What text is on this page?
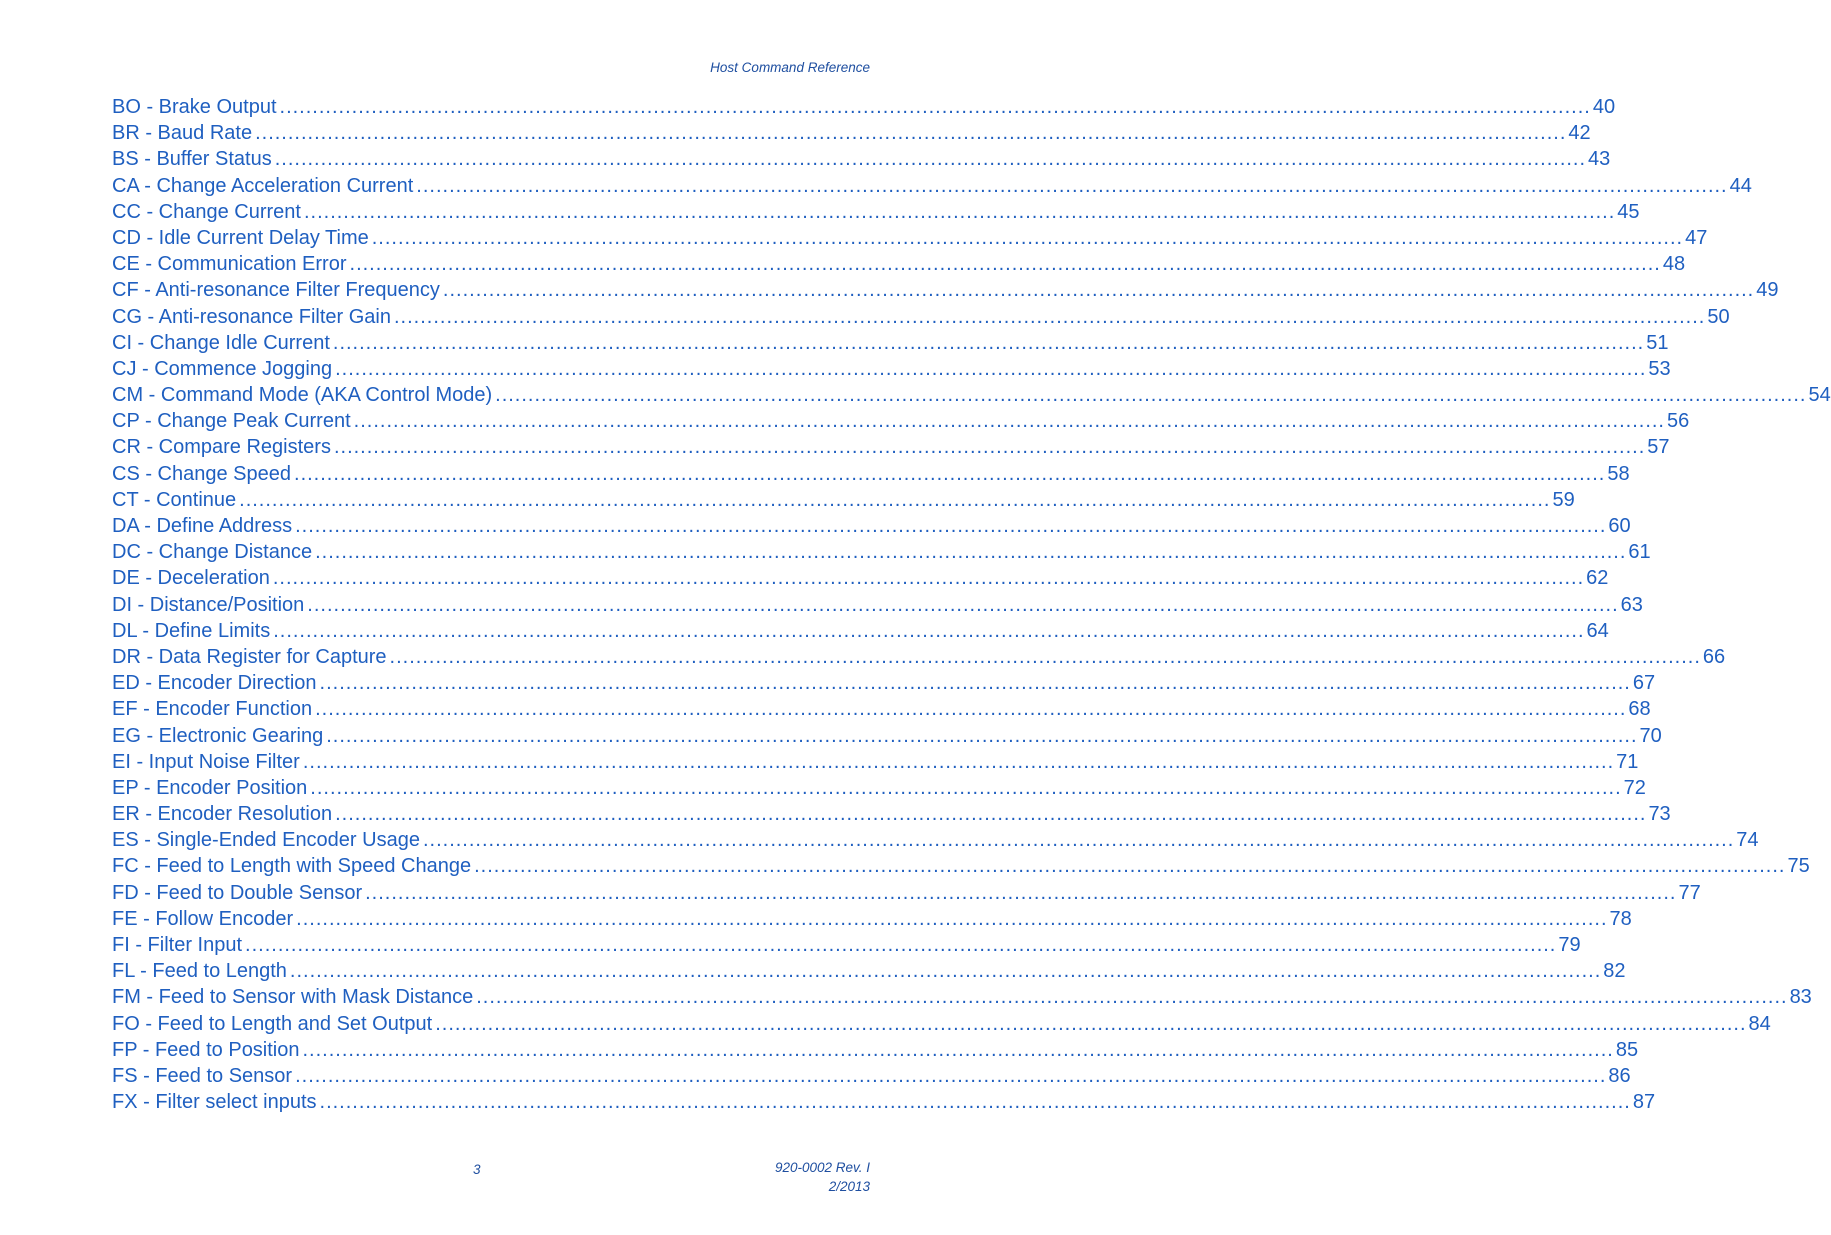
Host Command Reference
BO - Brake Output ........................................................................................................................................................................................................ 40
BR - Baud Rate ........................................................................................................................................................................................................ 42
BS - Buffer Status ........................................................................................................................................................................................................ 43
CA - Change Acceleration Current ........................................................................................................................................................................................................ 44
CC - Change Current ........................................................................................................................................................................................................ 45
CD - Idle Current Delay Time ........................................................................................................................................................................................................ 47
CE - Communication Error ........................................................................................................................................................................................................ 48
CF - Anti-resonance Filter Frequency ........................................................................................................................................................................................................ 49
CG - Anti-resonance Filter Gain ........................................................................................................................................................................................................ 50
CI - Change Idle Current ........................................................................................................................................................................................................ 51
CJ - Commence Jogging ........................................................................................................................................................................................................ 53
CM - Command Mode (AKA Control Mode) ........................................................................................................................................................................................................ 54
CP - Change Peak Current ........................................................................................................................................................................................................ 56
CR - Compare Registers ........................................................................................................................................................................................................ 57
CS - Change Speed ........................................................................................................................................................................................................ 58
CT - Continue ........................................................................................................................................................................................................ 59
DA - Define Address ........................................................................................................................................................................................................ 60
DC - Change Distance ........................................................................................................................................................................................................ 61
DE - Deceleration ........................................................................................................................................................................................................ 62
DI - Distance/Position ........................................................................................................................................................................................................ 63
DL - Define Limits ........................................................................................................................................................................................................ 64
DR - Data Register for Capture ........................................................................................................................................................................................................ 66
ED - Encoder Direction ........................................................................................................................................................................................................ 67
EF - Encoder Function ........................................................................................................................................................................................................ 68
EG - Electronic Gearing ........................................................................................................................................................................................................ 70
EI - Input Noise Filter ........................................................................................................................................................................................................ 71
EP - Encoder Position ........................................................................................................................................................................................................ 72
ER - Encoder Resolution ........................................................................................................................................................................................................ 73
ES - Single-Ended Encoder Usage ........................................................................................................................................................................................................ 74
FC - Feed to Length with Speed Change ........................................................................................................................................................................................................ 75
FD - Feed to Double Sensor ........................................................................................................................................................................................................ 77
FE - Follow Encoder ........................................................................................................................................................................................................ 78
FI - Filter Input ........................................................................................................................................................................................................ 79
FL - Feed to Length ........................................................................................................................................................................................................ 82
FM - Feed to Sensor with Mask Distance ........................................................................................................................................................................................................ 83
FO - Feed to Length and Set Output ........................................................................................................................................................................................................ 84
FP - Feed to Position ........................................................................................................................................................................................................ 85
FS - Feed to Sensor ........................................................................................................................................................................................................ 86
FX - Filter select inputs ........................................................................................................................................................................................................ 87
3	920-0002 Rev. I
2/2013
